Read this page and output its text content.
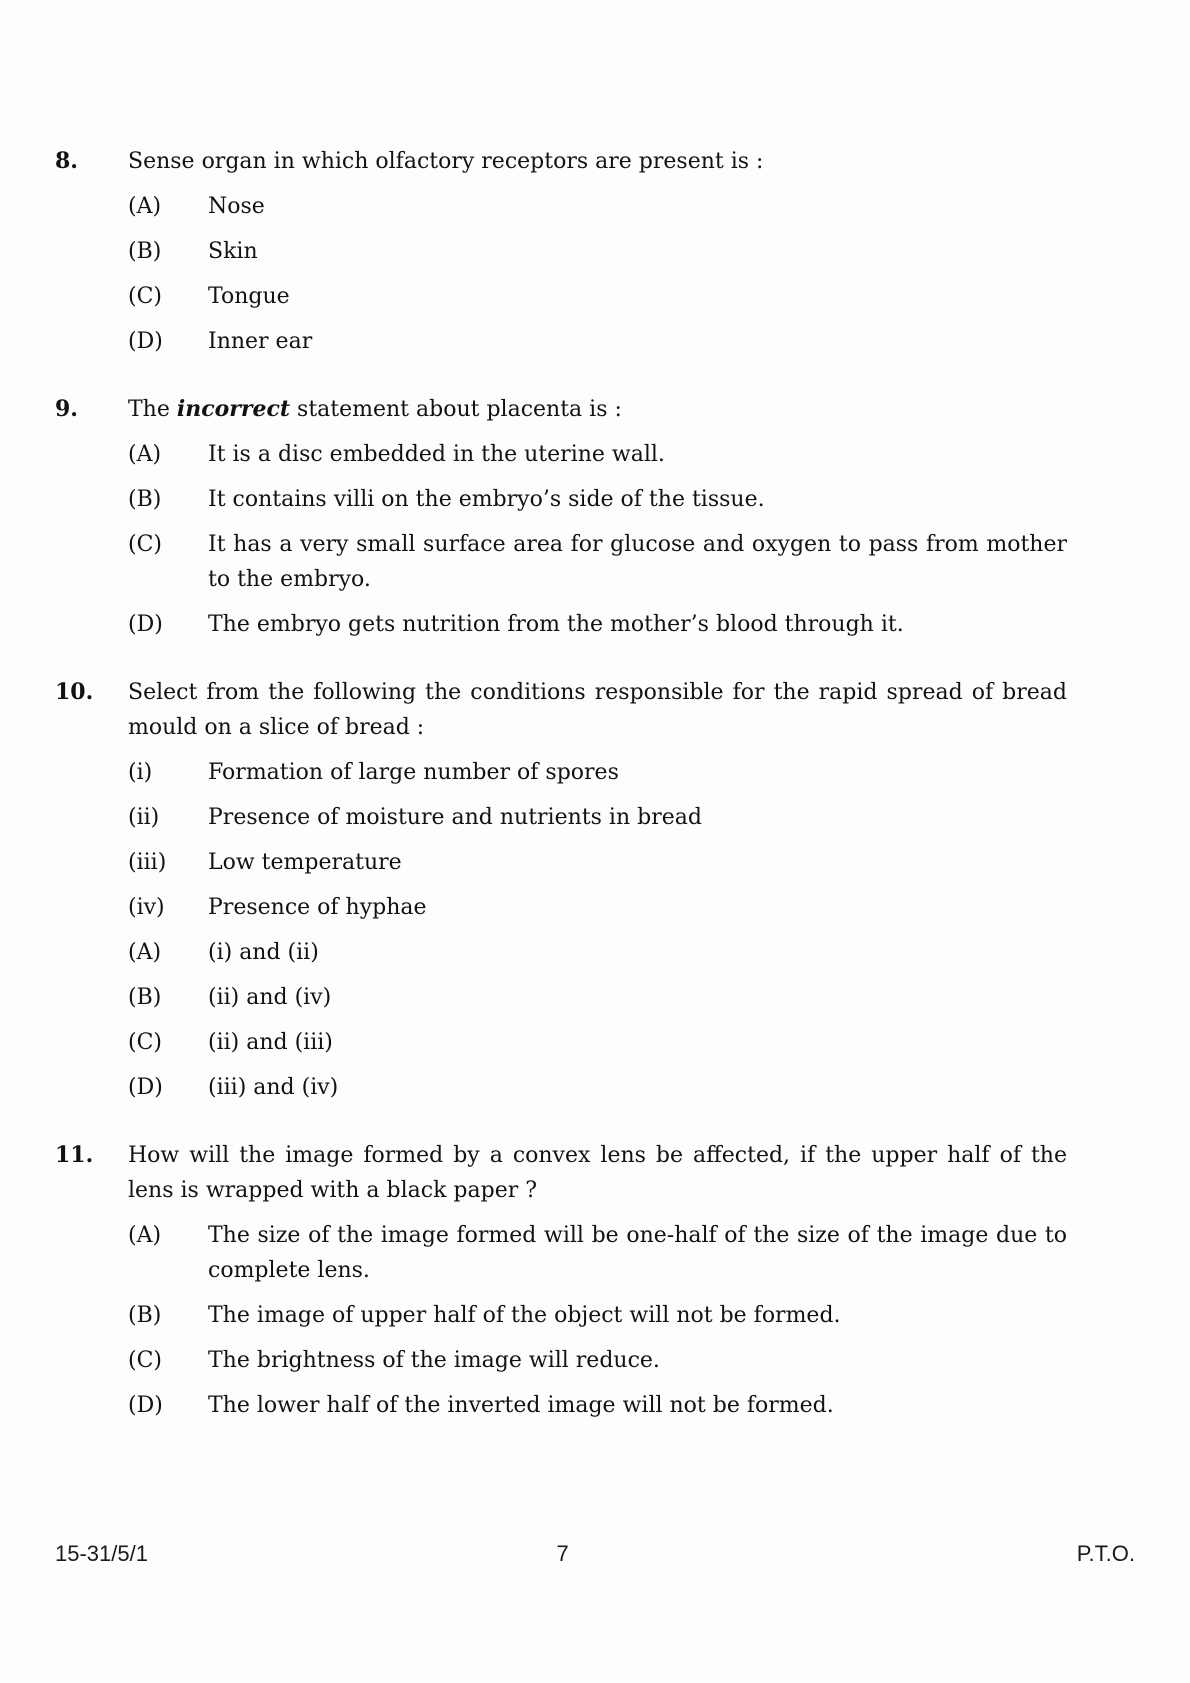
8.	Sense organ in which olfactory receptors are present is :

(A)	Nose
(B)	Skin
(C)	Tongue
(D)	Inner ear
9.	The incorrect statement about placenta is :

(A)	It is a disc embedded in the uterine wall.
(B)	It contains villi on the embryo’s side of the tissue.
(C)	It has a very small surface area for glucose and oxygen to pass from mother to the embryo.
(D)	The embryo gets nutrition from the mother’s blood through it.
10.	Select from the following the conditions responsible for the rapid spread of bread mould on a slice of bread :

(i)	Formation of large number of spores
(ii)	Presence of moisture and nutrients in bread
(iii)	Low temperature
(iv)	Presence of hyphae
(A)	(i) and (ii)
(B)	(ii) and (iv)
(C)	(ii) and (iii)
(D)	(iii) and (iv)
11.	How will the image formed by a convex lens be affected, if the upper half of the lens is wrapped with a black paper ?

(A)	The size of the image formed will be one-half of the size of the image due to complete lens.
(B)	The image of upper half of the object will not be formed.
(C)	The brightness of the image will reduce.
(D)	The lower half of the inverted image will not be formed.
15-31/5/1	7	P.T.O.
